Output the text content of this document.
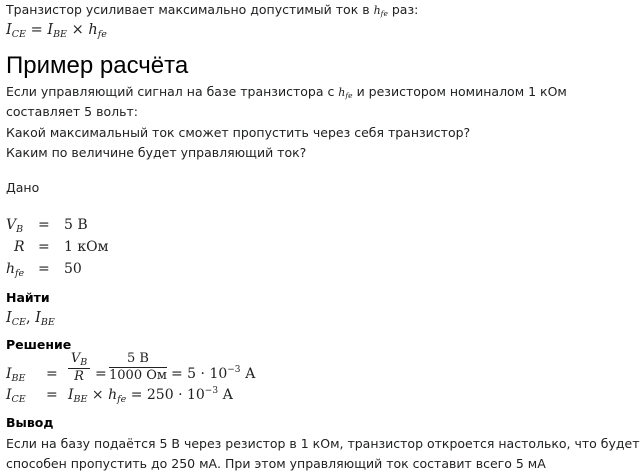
Транзистор усиливает максимально допустимый ток в hfe раз:
$I_{CE} = I_{BE} \times h_{fe}$
Пример расчёта
Если управляющий сигнал на базе транзистора с hfe и резистором номиналом 1 кОм
составляет 5 вольт:
Какой максимальный ток сможет пропустить через себя транзистор?
Каким по величине будет управляющий ток?
Дано
$V_B = 5$ В
R = 1 кОм
$h_{fe} = 50$
Найти
$I_{CE}$, $I_{BE}$
Решение
$I_{BE}$ =
$V_B$
R =
5 В
1000 Ом = $5 \cdot 10^{-3}$ А
$I_{CE} = I_{BE} \times h_{fe} = 250 \cdot 10^{-3}$ А
Вывод
Если на базу подаётся 5 В через резистор в 1 кОм, транзистор откроется настолько, что будет
способен пропустить до 250 мА. При этом управляющий ток составит всего 5 мА
